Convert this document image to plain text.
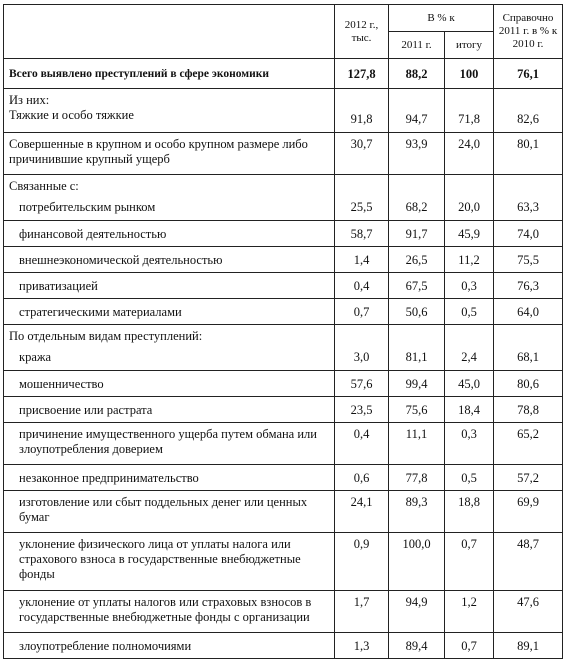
	2012 г., тыс.	В % к		Справочно 2011 г. в % к 2010 г.
		2011 г.	итогу	
Всего выявлено преступлений в сфере экономики	127,8	88,2	100	76,1

Из них:
Тяжкие и особо тяжкие	91,8	94,7	71,8	82,6
Совершенные в крупном и особо крупном размере либо причинившие крупный ущерб	30,7	93,9	24,0	80,1

Связанные с:
потребительским рынком	25,5	68,2	20,0	63,3

финансовой деятельностью	58,7	91,7	45,9	74,0

внешнеэкономической деятельностью	1,4	26,5	11,2	75,5

приватизацией	0,4	67,5	0,3	76,3

стратегическими материалами	0,7	50,6	0,5	64,0

По отдельным видам преступлений:
кража	3,0	81,1	2,4	68,1

мошенничество	57,6	99,4	45,0	80,6

присвоение или растрата	23,5	75,6	18,4	78,8

причинение имущественного ущерба путем обмана или злоупотребления доверием	0,4	11,1	0,3	65,2

незаконное предпринимательство	0,6	77,8	0,5	57,2

изготовление или сбыт поддельных денег или ценных бумаг	24,1	89,3	18,8	69,9

уклонение физического лица от уплаты налога или страхового взноса в государственные внебюджетные фонды	0,9	100,0	0,7	48,7

уклонение от уплаты налогов или страховых взносов в государственные внебюджетные фонды с организации	1,7	94,9	1,2	47,6

злоупотребление полномочиями	1,3	89,4	0,7	89,1
